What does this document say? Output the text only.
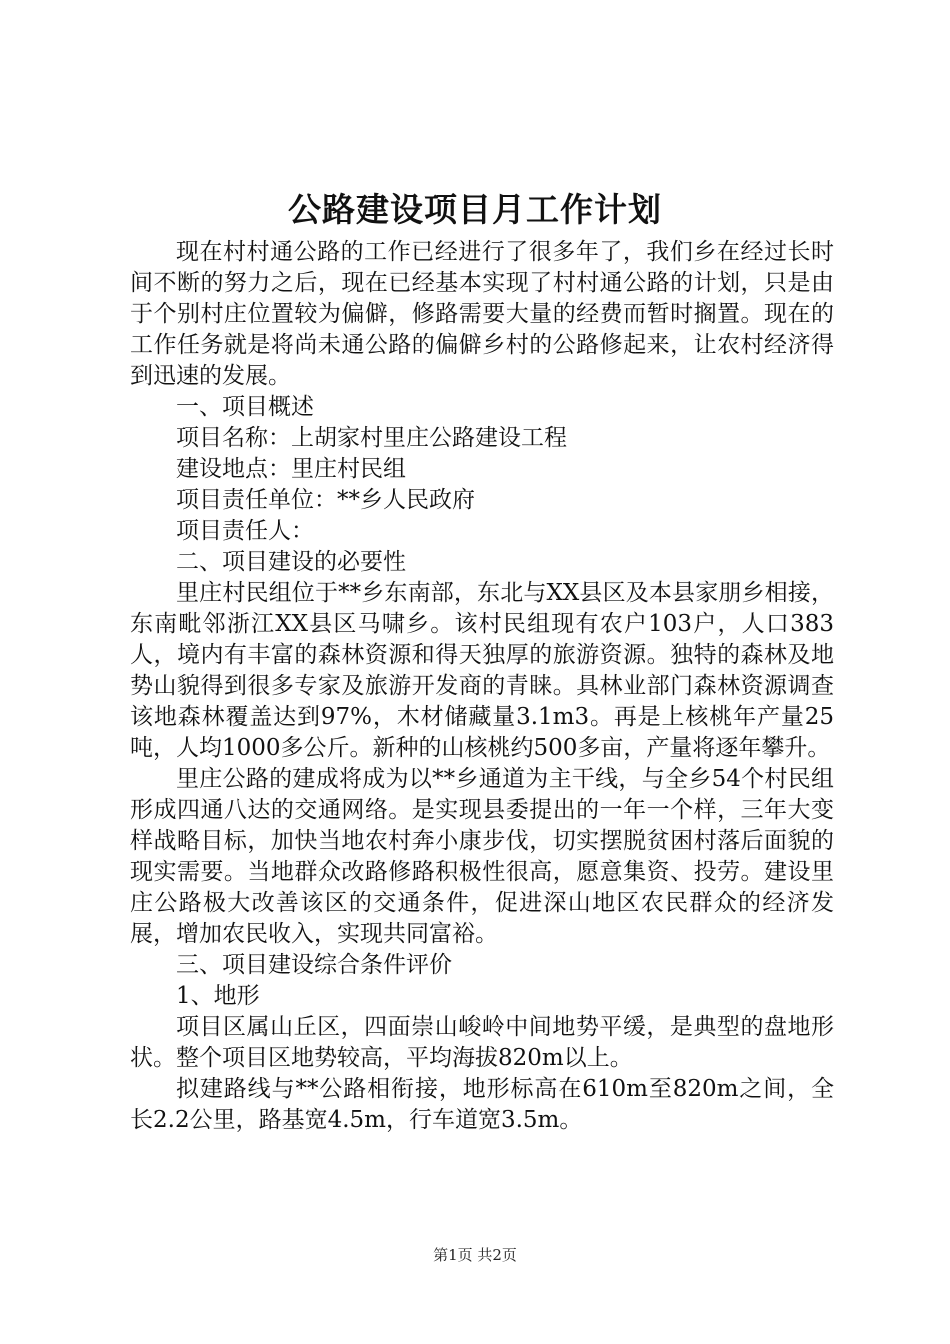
公路建设项目月工作计划

现在村村通公路的工作已经进行了很多年了，我们乡在经过长时间不断的努力之后，现在已经基本实现了村村通公路的计划，只是由于个别村庄位置较为偏僻，修路需要大量的经费而暂时搁置。现在的工作任务就是将尚未通公路的偏僻乡村的公路修起来，让农村经济得到迅速的发展。

一、项目概述

项目名称：上胡家村里庄公路建设工程

建设地点：里庄村民组

项目责任单位：**乡人民政府

项目责任人：

二、项目建设的必要性

里庄村民组位于**乡东南部，东北与XX县区及本县家朋乡相接，东南毗邻浙江XX县区马啸乡。该村民组现有农户103户，人口383人，境内有丰富的森林资源和得天独厚的旅游资源。独特的森林及地势山貌得到很多专家及旅游开发商的青睐。具林业部门森林资源调查该地森林覆盖达到97%，木材储藏量3.1m3。再是上核桃年产量25吨，人均1000多公斤。新种的山核桃约500多亩，产量将逐年攀升。

里庄公路的建成将成为以**乡通道为主干线，与全乡54个村民组形成四通八达的交通网络。是实现县委提出的一年一个样，三年大变样战略目标，加快当地农村奔小康步伐，切实摆脱贫困村落后面貌的现实需要。当地群众改路修路积极性很高，愿意集资、投劳。建设里庄公路极大改善该区的交通条件，促进深山地区农民群众的经济发展，增加农民收入，实现共同富裕。

三、项目建设综合条件评价

1、地形

项目区属山丘区，四面崇山峻岭中间地势平缓，是典型的盘地形状。整个项目区地势较高，平均海拔820m以上。

拟建路线与**公路相衔接，地形标高在610m至820m之间，全长2.2公里，路基宽4.5m，行车道宽3.5m。

第1页 共2页
